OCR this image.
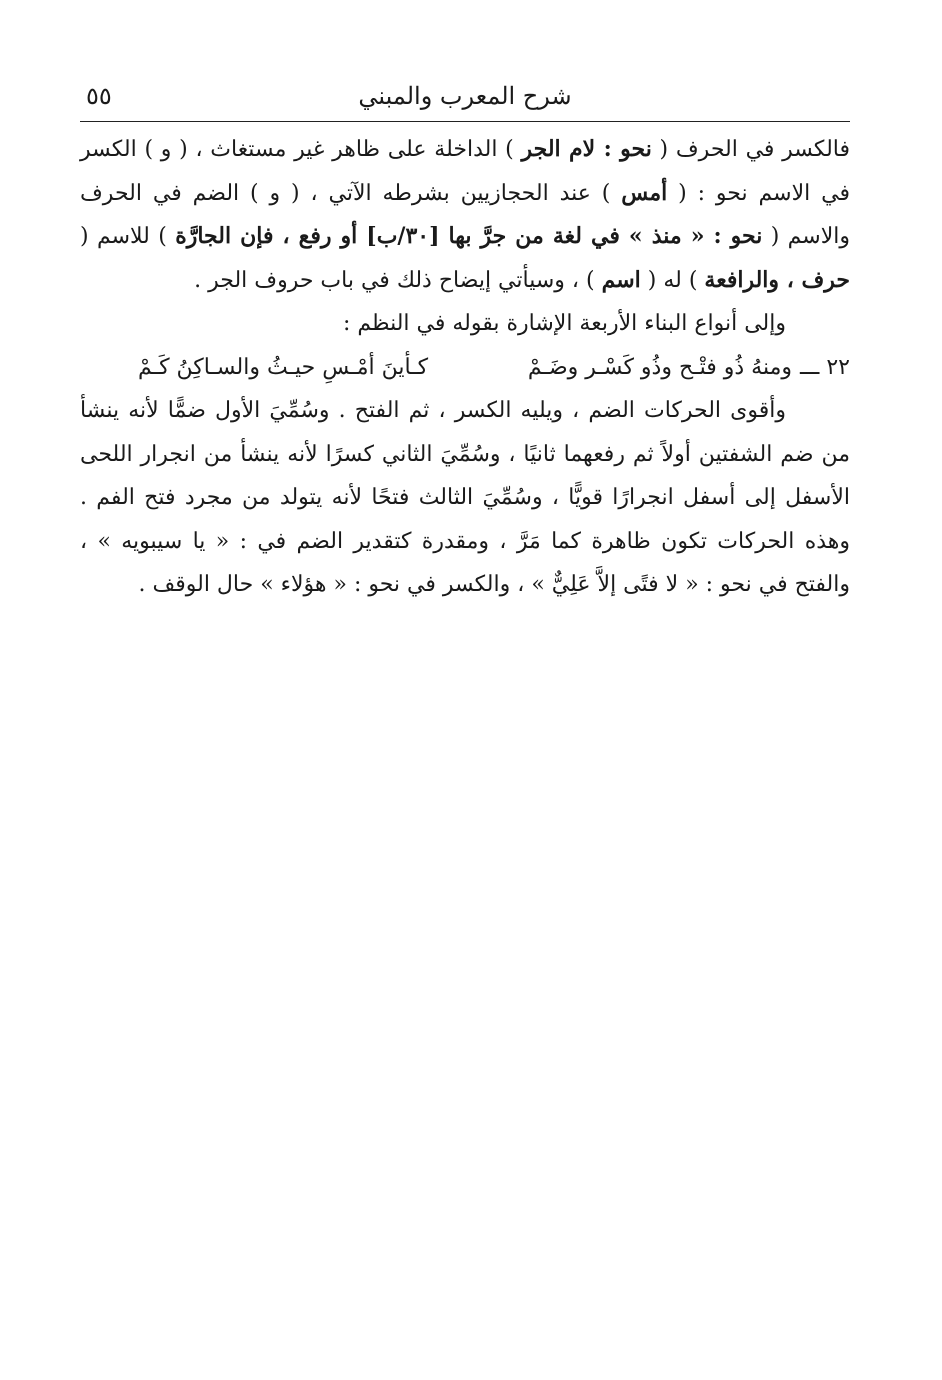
شرح المعرب والمبني
٥٥

فالكسر في الحرف ( نحو : لام الجر ) الداخلة على ظاهر غير مستغاث ، ( و ) الكسر في الاسم نحو : ( أمس ) عند الحجازيين بشرطه الآتي ، ( و ) الضم في الحرف والاسم ( نحو : « منذ » في لغة من جرَّ بها [٣٠/ب] أو رفع ، فإن الجارَّة ) للاسم ( حرف ، والرافعة ) له ( اسم ) ، وسيأتي إيضاح ذلك في باب حروف الجر .

وإلى أنواع البناء الأربعة الإشارة بقوله في النظم :

٢٢ ـــ
ومنهُ ذُو فتْـح وذُو كَسْـر وضَـمْ
كـأينَ أمْـسِ حيـثُ والسـاكِنُ كَـمْ

وأقوى الحركات الضم ، ويليه الكسر ، ثم الفتح . وسُمِّيَ الأول ضمًّا لأنه ينشأ من ضم الشفتين أولاً ثم رفعهما ثانيًا ، وسُمِّيَ الثاني كسرًا لأنه ينشأ من انجرار اللحى الأسفل إلى أسفل انجرارًا قويًّا ، وسُمِّيَ الثالث فتحًا لأنه يتولد من مجرد فتح الفم . وهذه الحركات تكون ظاهرة كما مَرَّ ، ومقدرة كتقدير الضم في : « يا سيبويه » ، والفتح في نحو : « لا فتًى إلاَّ عَلِيٌّ » ، والكسر في نحو : « هؤلاء » حال الوقف .
